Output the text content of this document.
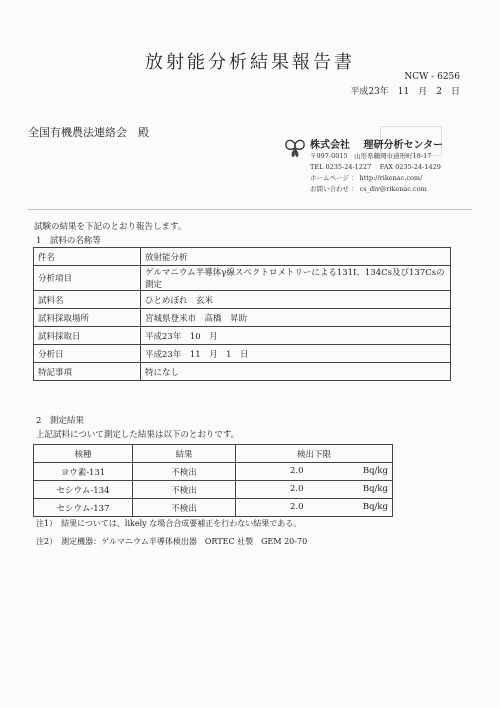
放射能分析結果報告書
NCW - 6256
平成23年　11　月　2　日
全国有機農法連絡会　殿
株式会社　 理研分析センター
〒997-0015　山形県鶴岡市道形町18-17
TEL 0235-24-1227　 FAX 0235-24-1429
ホームページ ： http://rikenac.com/
お問い合わせ ： cs_div@rikenac.com
試験の結果を下記のとおり報告します。
1　試料の名称等
件名	放射能分析
分析項目	ゲルマニウム半導体γ線スペクトロメトリーによる131I、134Cs及び137Csの測定
試料名	ひとめぼれ　玄米
試料採取場所	宮城県登米市　高橋　昇助
試料採取日	平成23年　10　月
分析日	平成23年　11　月　1　日
特記事項	特になし
2　測定結果
上記試料について測定した結果は以下のとおりです。
核種	結果	検出下限
ヨウ素-131	不検出	2.0 Bq/kg

セシウム-134	不検出	2.0 Bq/kg

セシウム-137	不検出	2.0 Bq/kg
注1）　結果については、likely な場合合成要補正を行わない結果である。
注2）　測定機器：ゲルマニウム半導体検出器　ORTEC 社製　GEM 20-70
